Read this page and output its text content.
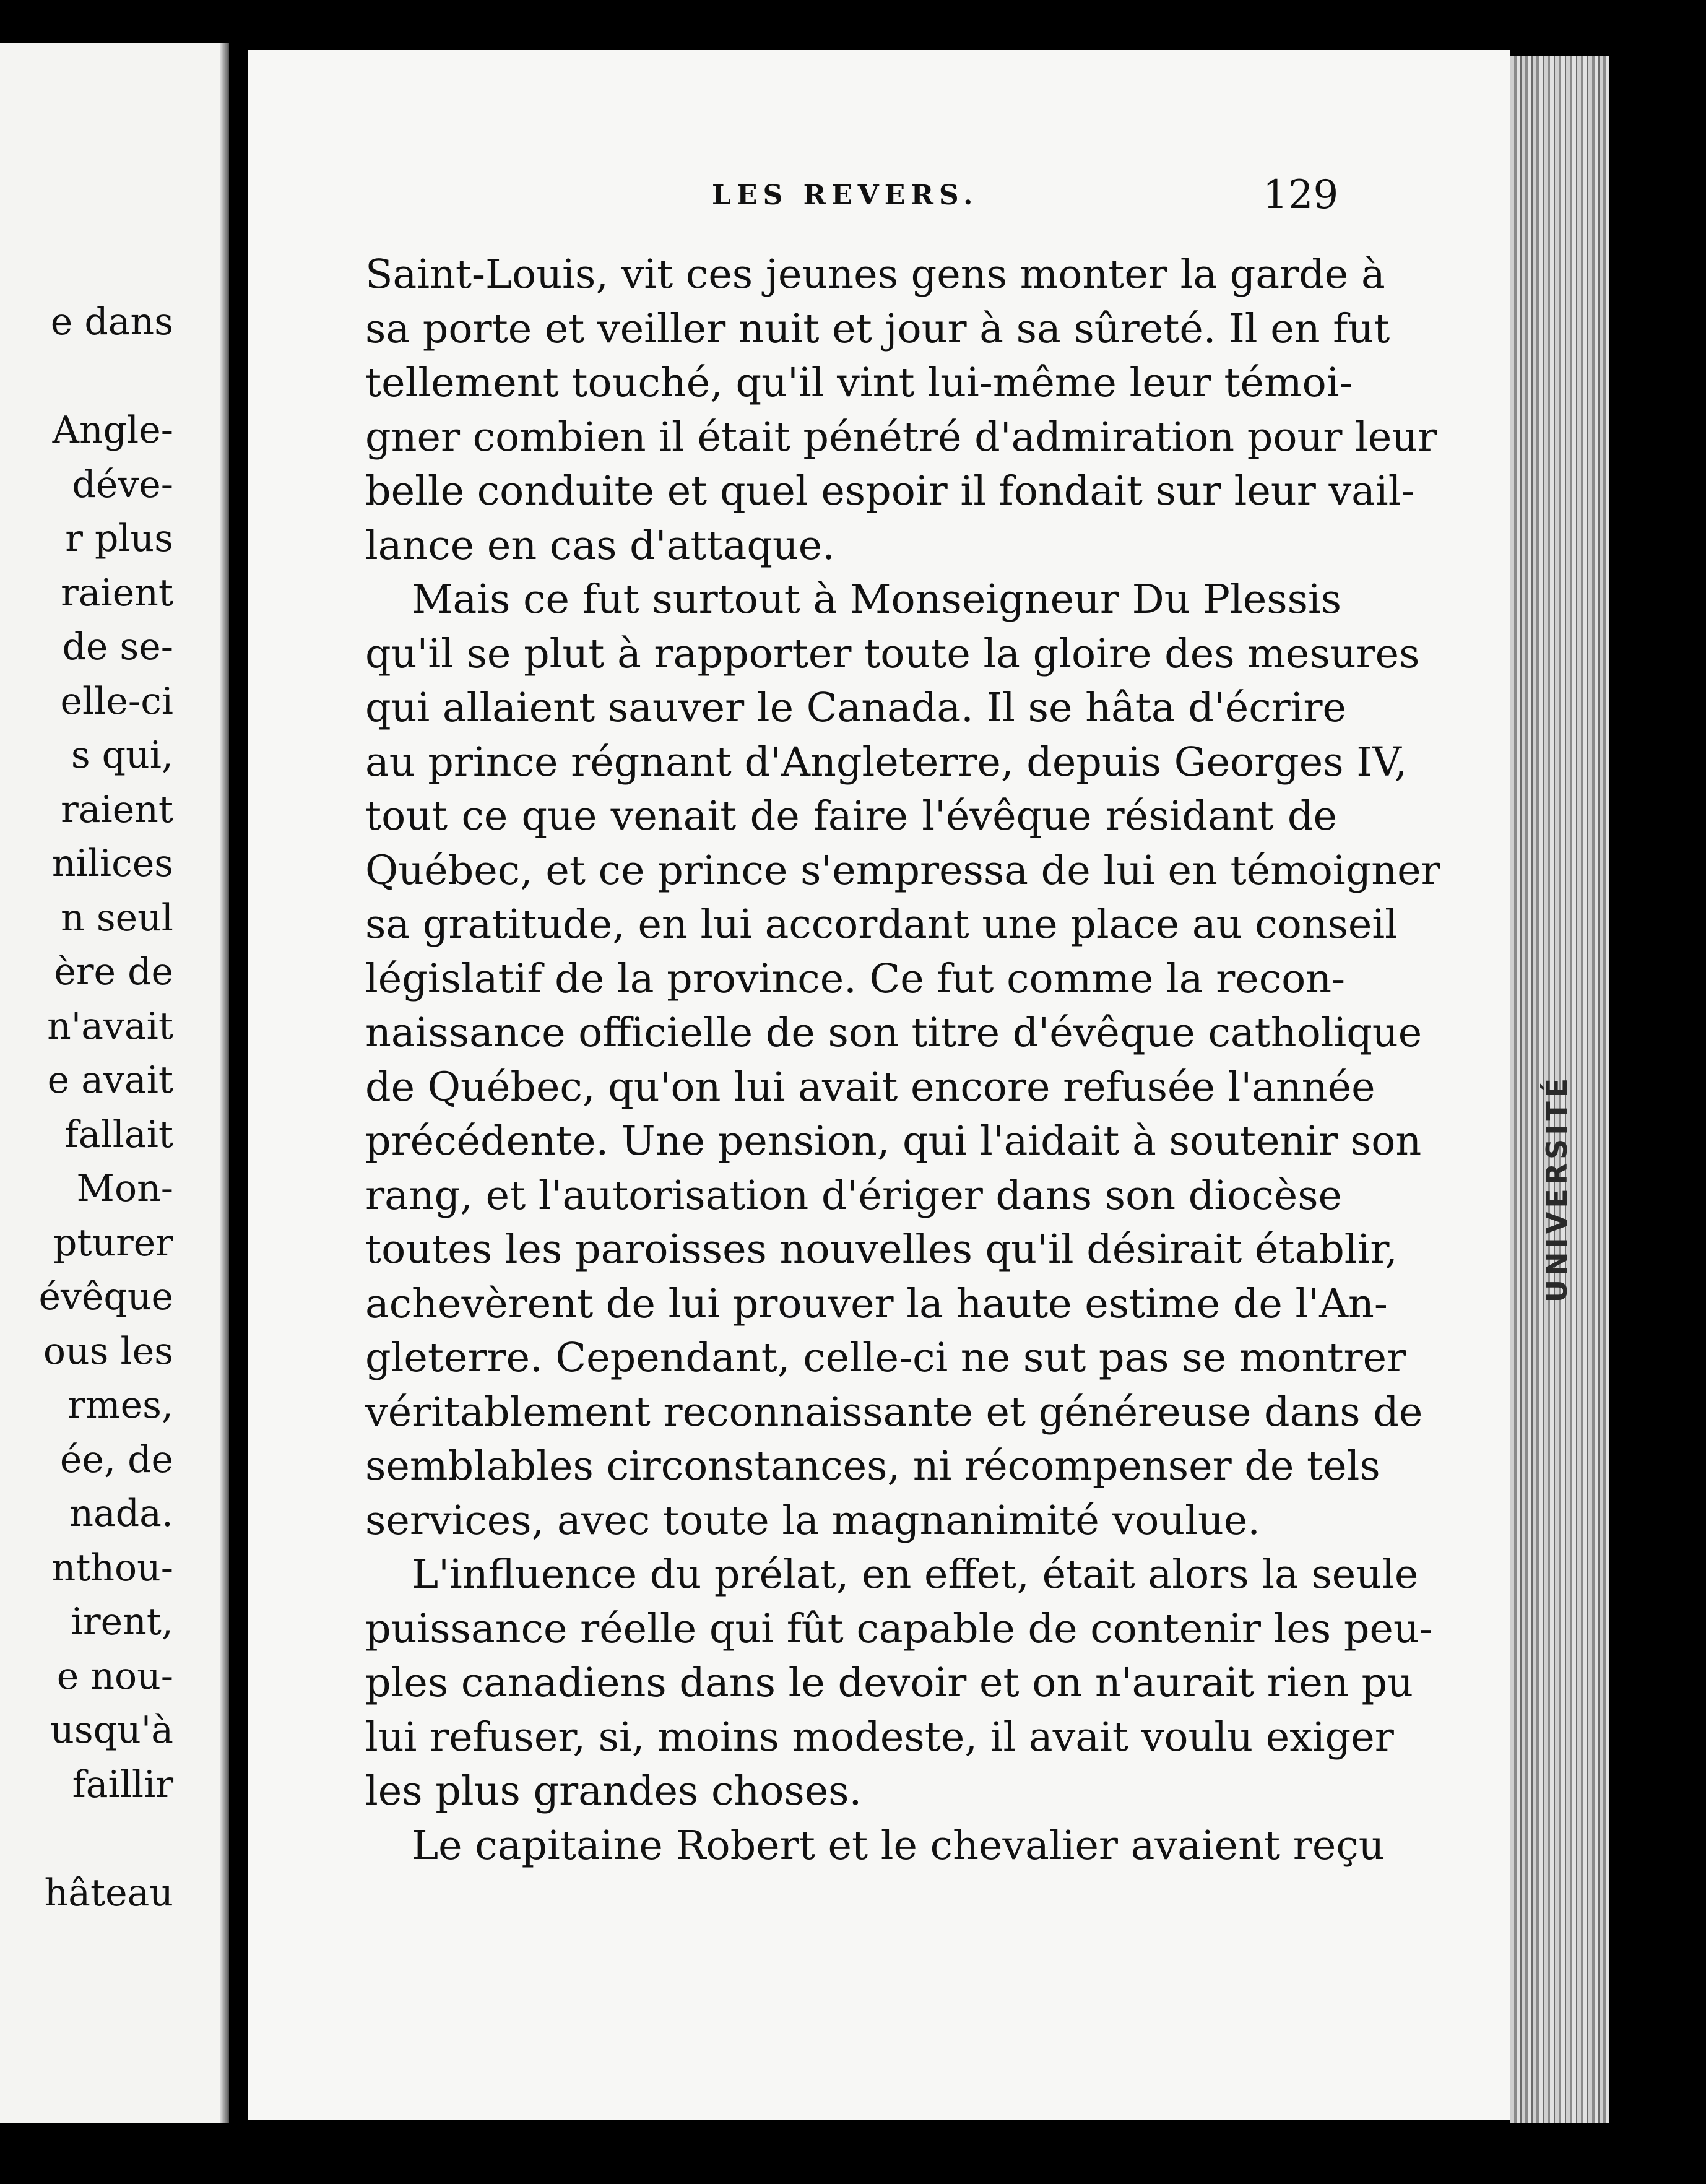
e dans
Angle-
déve-
r plus
raient
de se-
elle-ci
s qui,
raient
nilices
n seul
ère de
n'avait
e avait
fallait
Mon-
pturer
évêque
ous les
rmes,
ée, de
nada.
nthou-
irent,
e nou-
usqu'à
faillir
hâteau
UNIVERSITÉ
LES REVERS.	129
Saint-Louis, vit ces jeunes gens monter la garde à
sa porte et veiller nuit et jour à sa sûreté. Il en fut
tellement touché, qu'il vint lui-même leur témoi-
gner combien il était pénétré d'admiration pour leur
belle conduite et quel espoir il fondait sur leur vail-
lance en cas d'attaque.
Mais ce fut surtout à Monseigneur Du Plessis
qu'il se plut à rapporter toute la gloire des mesures
qui allaient sauver le Canada. Il se hâta d'écrire
au prince régnant d'Angleterre, depuis Georges IV,
tout ce que venait de faire l'évêque résidant de
Québec, et ce prince s'empressa de lui en témoigner
sa gratitude, en lui accordant une place au conseil
législatif de la province. Ce fut comme la recon-
naissance officielle de son titre d'évêque catholique
de Québec, qu'on lui avait encore refusée l'année
précédente. Une pension, qui l'aidait à soutenir son
rang, et l'autorisation d'ériger dans son diocèse
toutes les paroisses nouvelles qu'il désirait établir,
achevèrent de lui prouver la haute estime de l'An-
gleterre. Cependant, celle-ci ne sut pas se montrer
véritablement reconnaissante et généreuse dans de
semblables circonstances, ni récompenser de tels
services, avec toute la magnanimité voulue.
L'influence du prélat, en effet, était alors la seule
puissance réelle qui fût capable de contenir les peu-
ples canadiens dans le devoir et on n'aurait rien pu
lui refuser, si, moins modeste, il avait voulu exiger
les plus grandes choses.
Le capitaine Robert et le chevalier avaient reçu
